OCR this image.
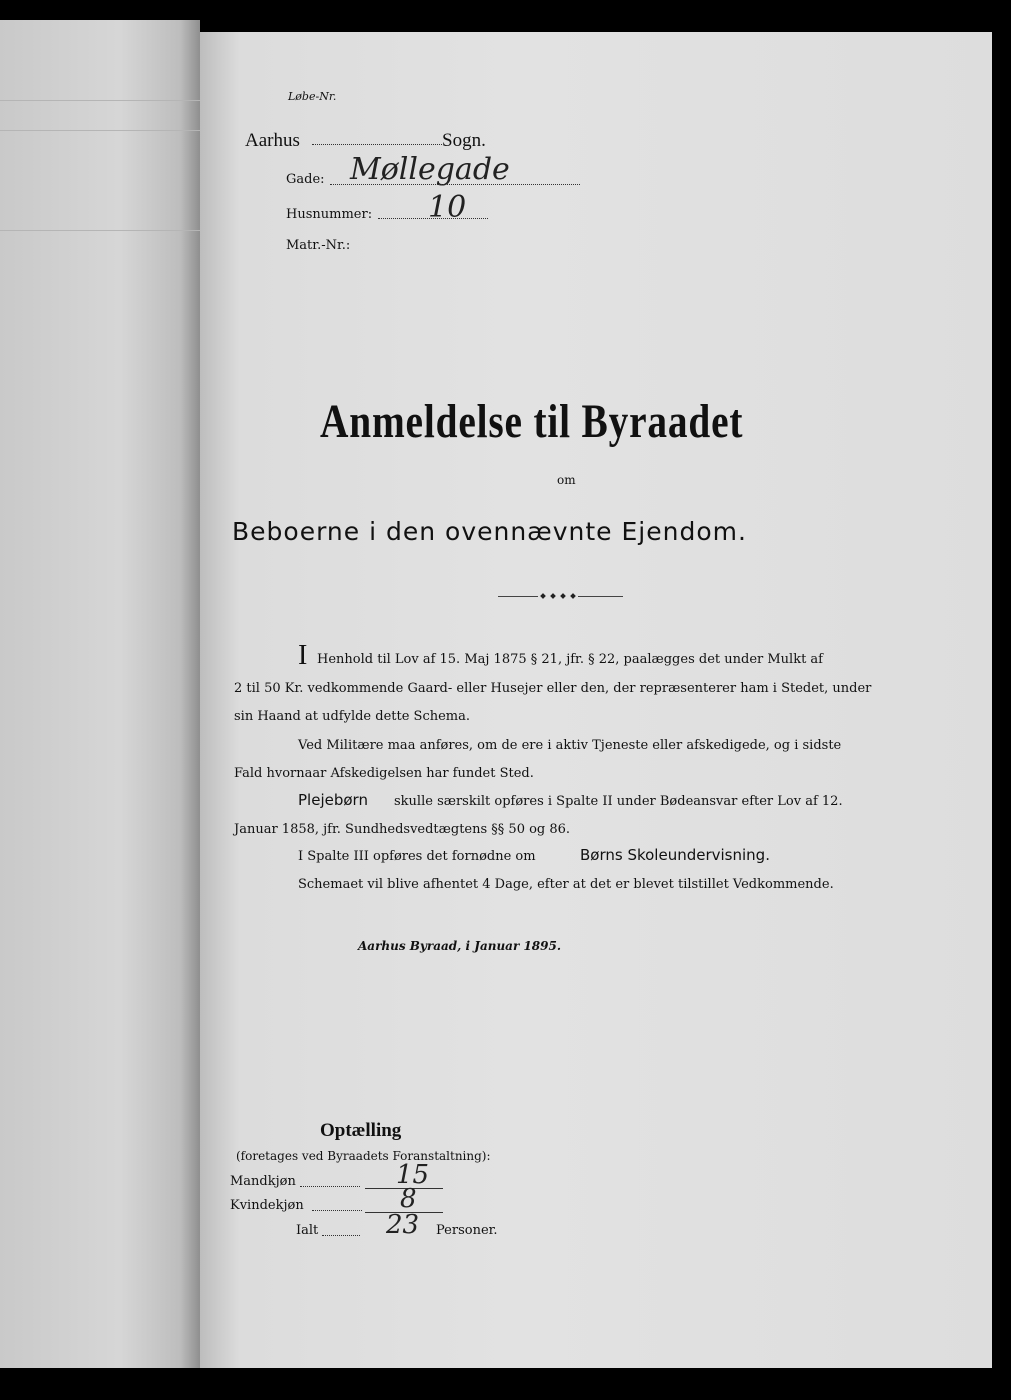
Løbe-Nr.
Aarhus	Sogn.
Gade: Møllegade
Husnummer: 10
Matr.-Nr.:
Anmeldelse til Byraadet
om
Beboerne i den ovennævnte Ejendom.
I Henhold til Lov af 15. Maj 1875 § 21, jfr. § 22, paalægges det under Mulkt af
2 til 50 Kr. vedkommende Gaard- eller Husejer eller den, der repræsenterer ham i Stedet, under
sin Haand at udfylde dette Schema.
Ved Militære maa anføres, om de ere i aktiv Tjeneste eller afskedigede, og i sidste
Fald hvornaar Afskedigelsen har fundet Sted.
Plejebørn skulle særskilt opføres i Spalte II under Bødeansvar efter Lov af 12.
Januar 1858, jfr. Sundhedsvedtægtens §§ 50 og 86.
I Spalte III opføres det fornødne om	Børns Skoleundervisning.
Schemaet vil blive afhentet 4 Dage, efter at det er blevet tilstillet Vedkommende.
Aarhus Byraad, i Januar 1895.
Optælling
(foretages ved Byraadets Foranstaltning):
Mandkjøn	15
Kvindekjøn	8
Ialt	23 Personer.
